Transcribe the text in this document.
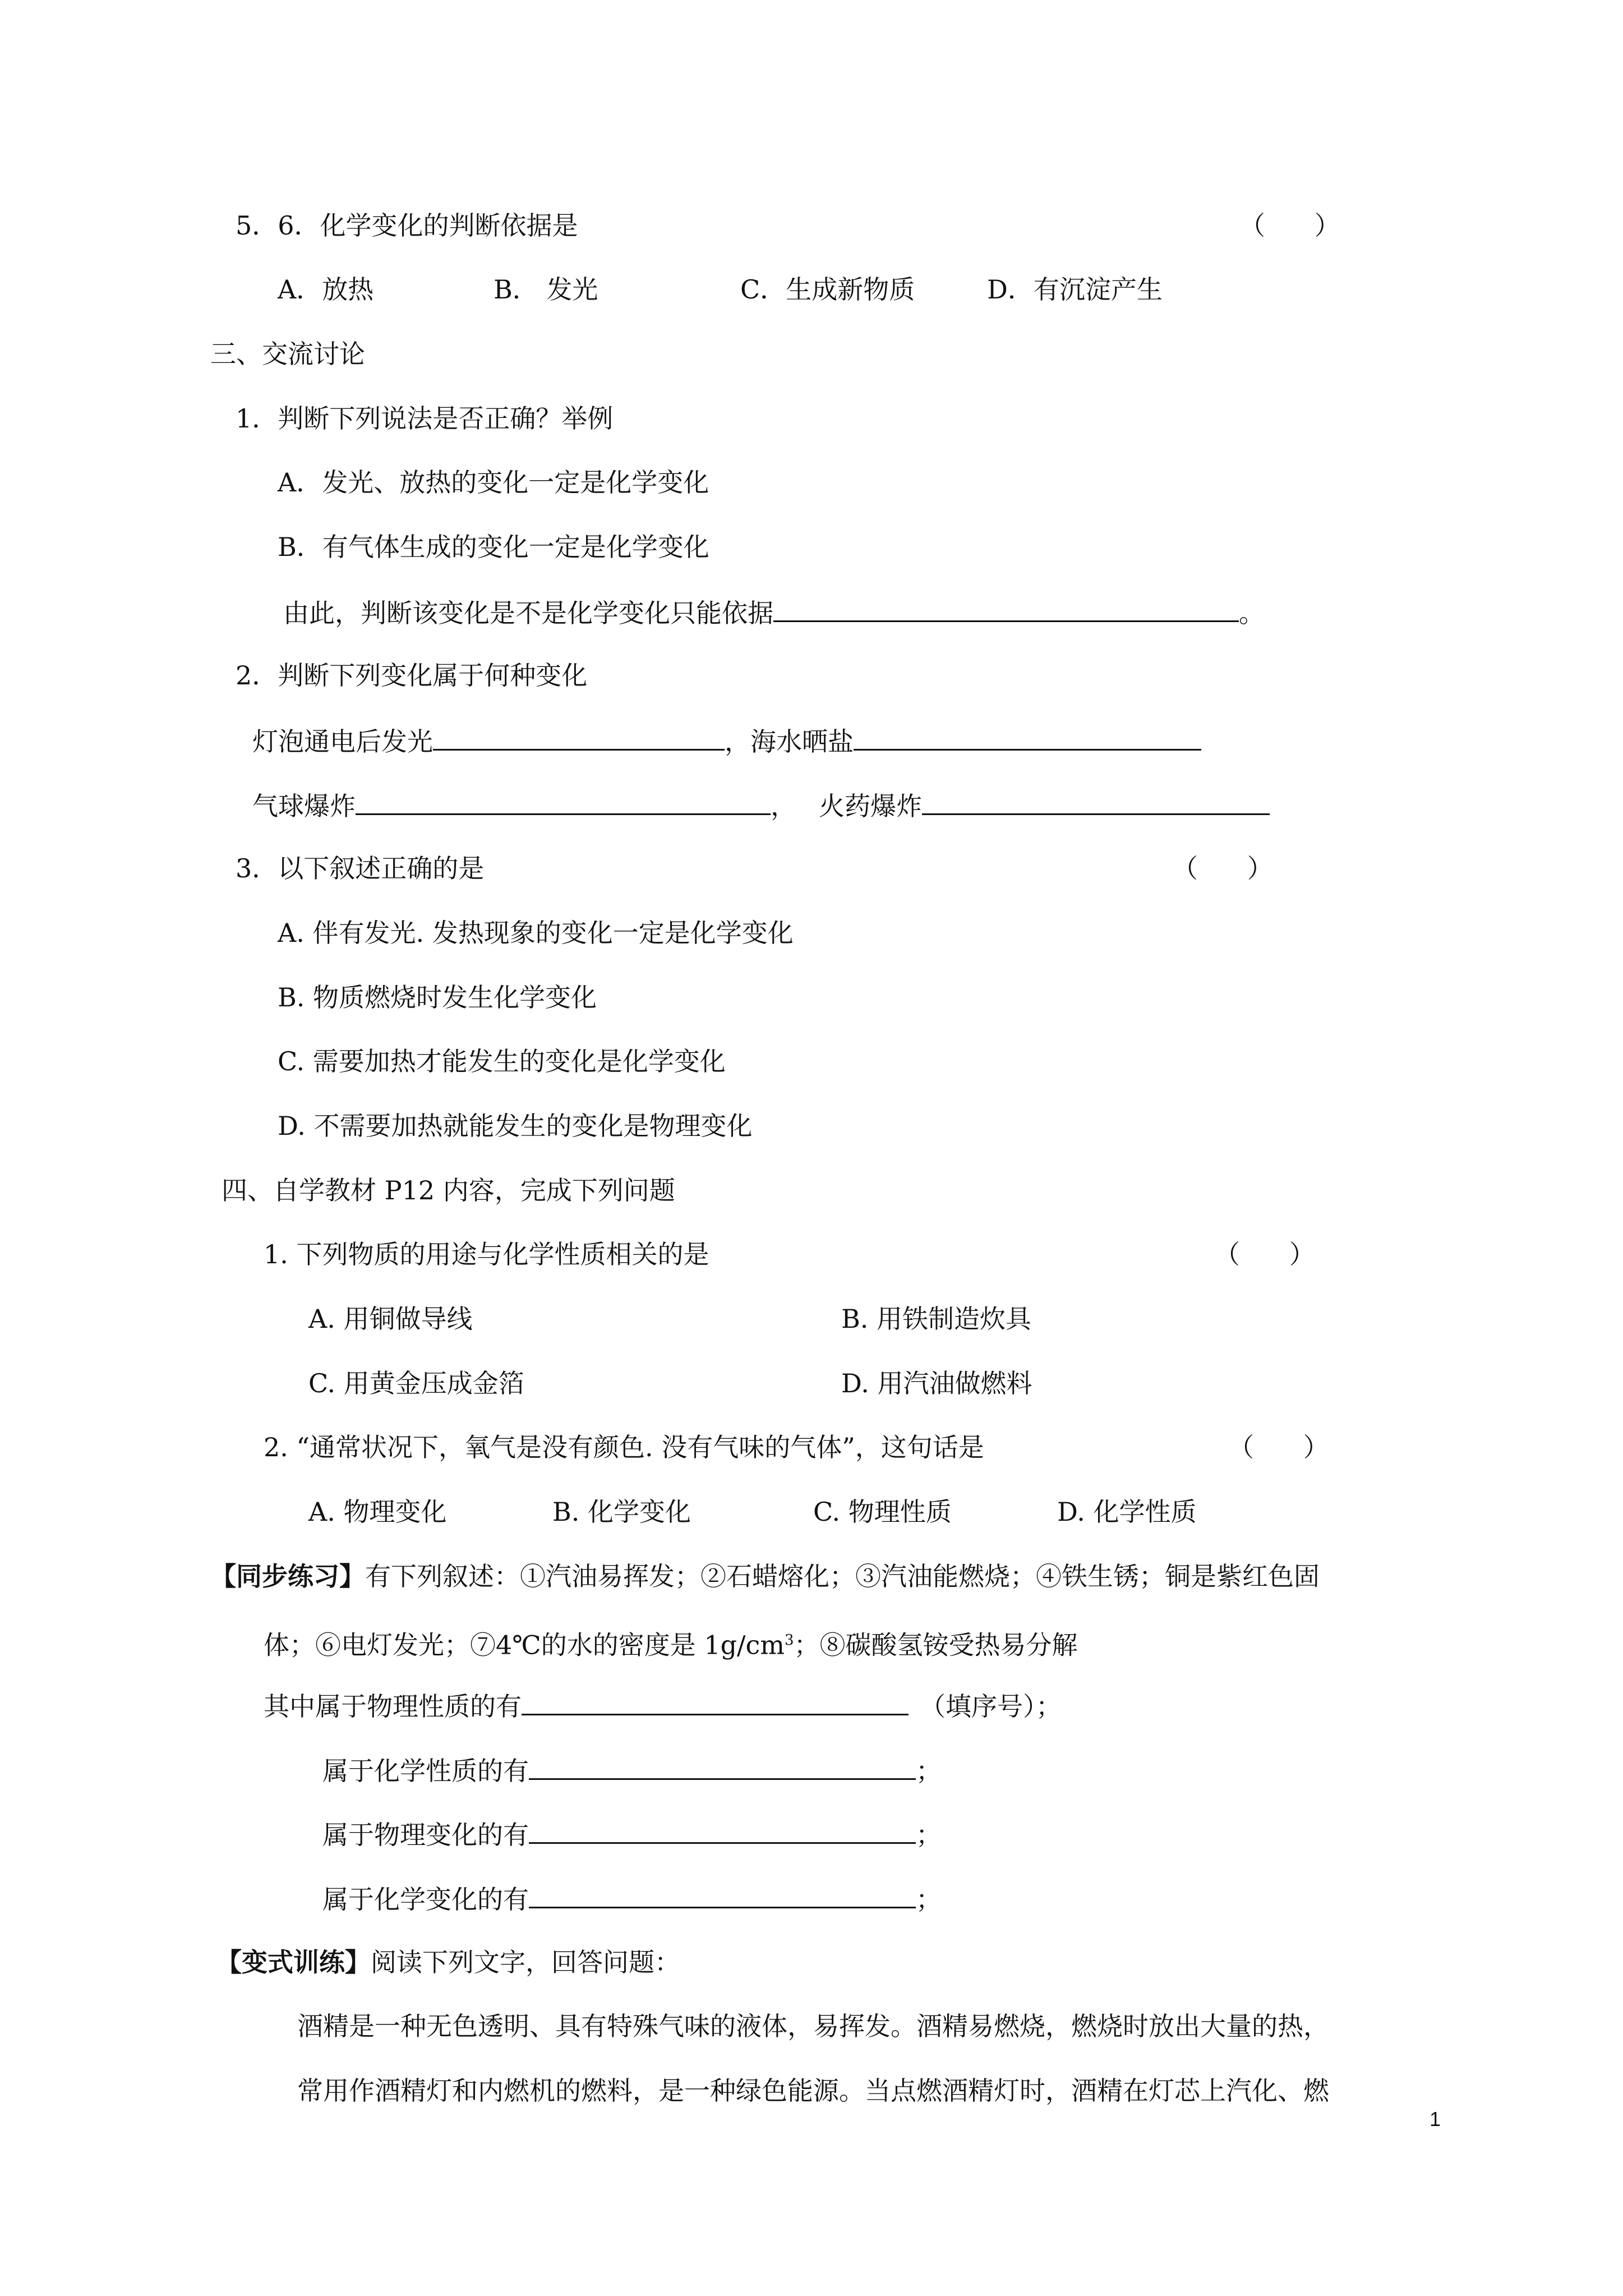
5．6．化学变化的判断依据是	（      ）
A．放热	B． 发光	C．生成新物质	D．有沉淀产生
三、交流讨论
1．判断下列说法是否正确？举例
A．发光、放热的变化一定是化学变化
B．有气体生成的变化一定是化学变化
由此，判断该变化是不是化学变化只能依据	。
2．判断下列变化属于何种变化
灯泡通电后发光	，海水晒盐
气球爆炸	， 火药爆炸
3．以下叙述正确的是	（      ）
A. 伴有发光. 发热现象的变化一定是化学变化
B. 物质燃烧时发生化学变化
C. 需要加热才能发生的变化是化学变化
D. 不需要加热就能发生的变化是物理变化
四、自学教材 P12 内容，完成下列问题
1. 下列物质的用途与化学性质相关的是	（      ）
A. 用铜做导线	B. 用铁制造炊具
C. 用黄金压成金箔	D. 用汽油做燃料
2. “通常状况下，氧气是没有颜色. 没有气味的气体”，这句话是	（      ）
A. 物理变化	B. 化学变化	C. 物理性质	D. 化学性质
【同步练习】有下列叙述：①汽油易挥发；②石蜡熔化；③汽油能燃烧；④铁生锈；铜是紫红色固
体；⑥电灯发光；⑦4℃的水的密度是 $1g/cm^3$；⑧碳酸氢铵受热易分解
其中属于物理性质的有	（填序号）；
属于化学性质的有	；
属于物理变化的有	；
属于化学变化的有	；
【变式训练】阅读下列文字，回答问题：
酒精是一种无色透明、具有特殊气味的液体，易挥发。酒精易燃烧，燃烧时放出大量的热，
常用作酒精灯和内燃机的燃料，是一种绿色能源。当点燃酒精灯时，酒精在灯芯上汽化、燃
1
